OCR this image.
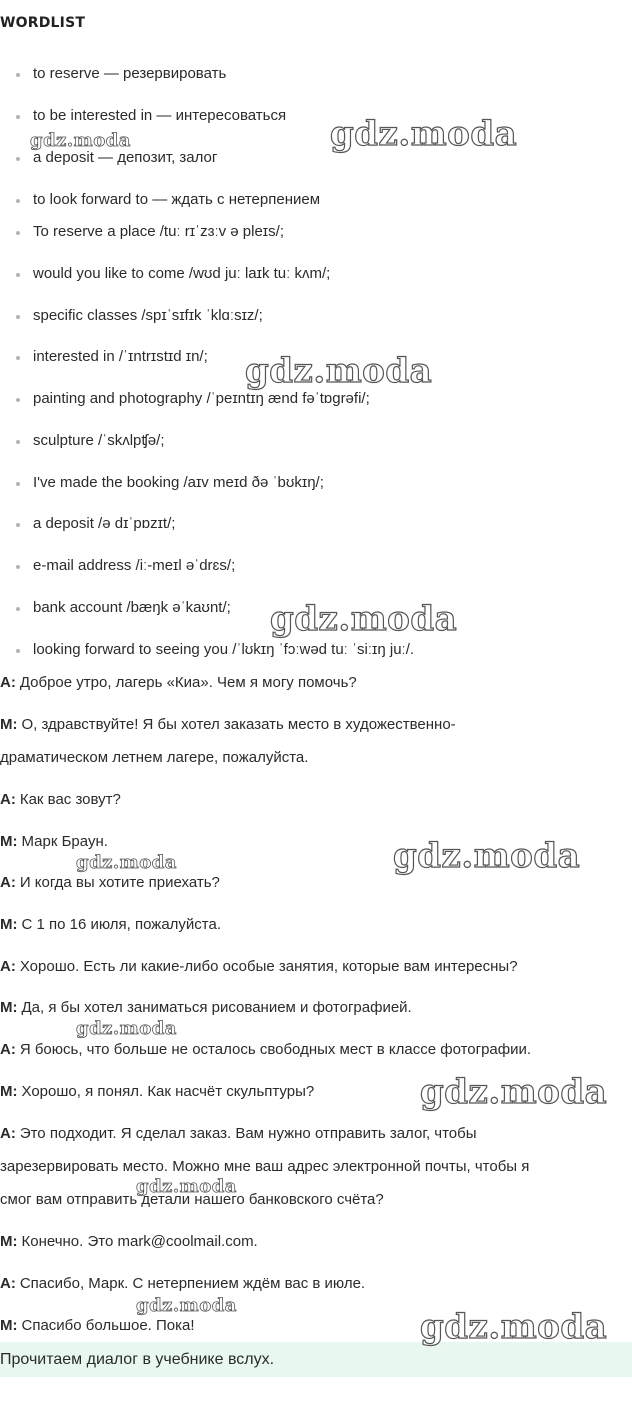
WORDLIST
to reserve — резервировать
to be interested in — интересоваться
a deposit — депозит, залог
to look forward to — ждать с нетерпением
To reserve a place /tuː rɪˈzɜːv ə pleɪs/;
would you like to come /wʊd juː laɪk tuː kʌm/;
specific classes /spɪˈsɪfɪk ˈklɑːsɪz/;
interested in /ˈɪntrɪstɪd ɪn/;
painting and photography /ˈpeɪntɪŋ ænd fəˈtɒgrəfi/;
sculpture /ˈskʌlpʧə/;
I've made the booking /aɪv meɪd ðə ˈbʊkɪŋ/;
a deposit /ə dɪˈpɒzɪt/;
e-mail address /iː-meɪl əˈdrɛs/;
bank account /bæŋk əˈkaʊnt/;
looking forward to seeing you /ˈlʊkɪŋ ˈfɔːwəd tuː ˈsiːɪŋ juː/.
A: Доброе утро, лагерь «Киа». Чем я могу помочь?
M: О, здравствуйте! Я бы хотел заказать место в художественно-
драматическом летнем лагере, пожалуйста.
A: Как вас зовут?
M: Марк Браун.
A: И когда вы хотите приехать?
M: С 1 по 16 июля, пожалуйста.
A: Хорошо. Есть ли какие-либо особые занятия, которые вам интересны?
M: Да, я бы хотел заниматься рисованием и фотографией.
A: Я боюсь, что больше не осталось свободных мест в классе фотографии.
M: Хорошо, я понял. Как насчёт скульптуры?
A: Это подходит. Я сделал заказ. Вам нужно отправить залог, чтобы
зарезервировать место. Можно мне ваш адрес электронной почты, чтобы я
смог вам отправить детали нашего банковского счёта?
M: Конечно. Это mark@coolmail.com.
A: Спасибо, Марк. С нетерпением ждём вас в июле.
M: Спасибо большое. Пока!
Прочитаем диалог в учебнике вслух.
gdz.moda	gdz.moda
gdz.moda
gdz.moda
gdz.moda
gdz.moda
gdz.moda
gdz.moda
gdz.moda
gdz.moda
gdz.moda
